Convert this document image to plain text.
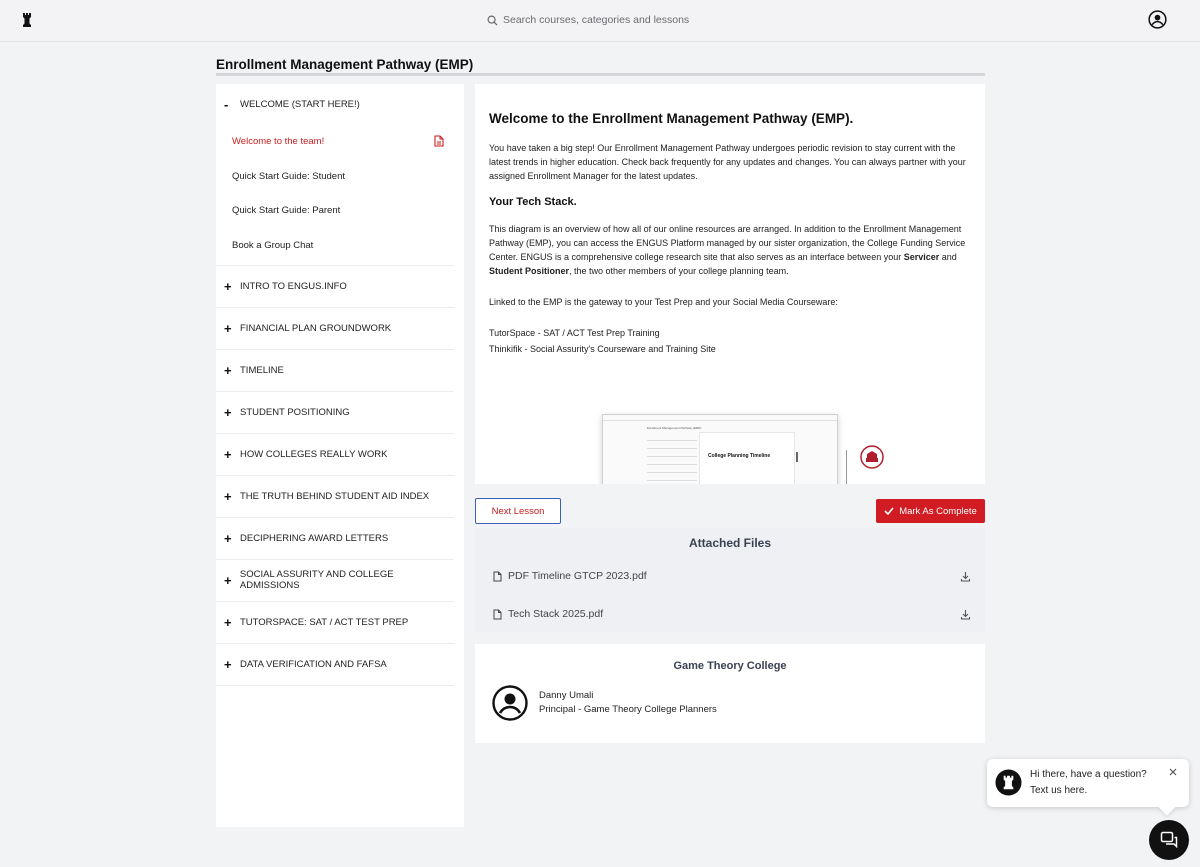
Search courses, categories and lessons
Enrollment Management Pathway (EMP)
-	WELCOME (START HERE!)
Welcome to the team!
Quick Start Guide: Student
Quick Start Guide: Parent
Book a Group Chat
+ INTRO TO ENGUS.INFO
+ FINANCIAL PLAN GROUNDWORK
+ TIMELINE
+ STUDENT POSITIONING
+ HOW COLLEGES REALLY WORK
+ THE TRUTH BEHIND STUDENT AID INDEX
+ DECIPHERING AWARD LETTERS
+ SOCIAL ASSURITY AND COLLEGE ADMISSIONS
+ TUTORSPACE: SAT / ACT TEST PREP
+ DATA VERIFICATION AND FAFSA
Welcome to the Enrollment Management Pathway (EMP).

You have taken a big step! Our Enrollment Management Pathway undergoes periodic revision to stay current with the latest trends in higher education. Check back frequently for any updates and changes. You can always partner with your assigned Enrollment Manager for the latest updates.

Your Tech Stack.

This diagram is an overview of how all of our online resources are arranged. In addition to the Enrollment Management Pathway (EMP), you can access the ENGUS Platform managed by our sister organization, the College Funding Service Center. ENGUS is a comprehensive college research site that also serves as an interface between your Servicer and Student Positioner, the two other members of your college planning team.

Linked to the EMP is the gateway to your Test Prep and your Social Media Courseware:

TutorSpace - SAT / ACT Test Prep Training

Thinkifik - Social Assurity's Courseware and Training Site

Enrollment Management Pathway (EMP)
College Planning Timeline
Next Lesson	Mark As Complete
Attached Files
PDF Timeline GTCP 2023.pdf
Tech Stack 2025.pdf
Game Theory College
Danny Umali
Principal - Game Theory College Planners
Hi there, have a question?
Text us here.
